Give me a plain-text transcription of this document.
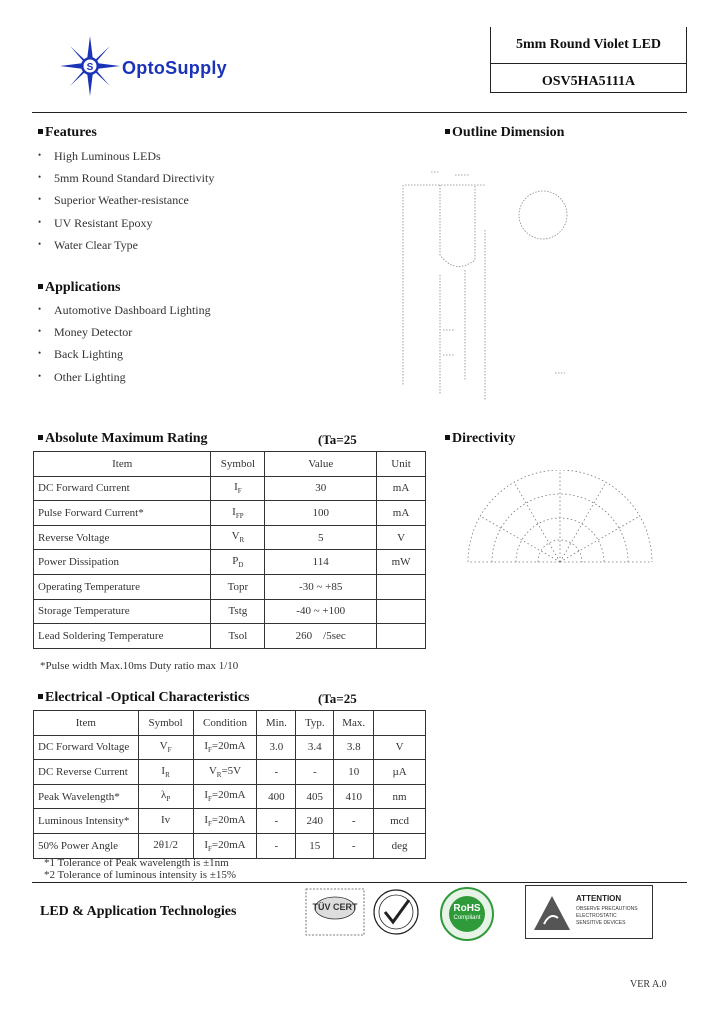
S OptoSupply
5mm Round Violet LED
OSV5HA5111A
Features
• High Luminous LEDs
• 5mm Round Standard Directivity
• Superior Weather-resistance
• UV Resistant Epoxy
• Water Clear Type
Applications
• Automotive Dashboard Lighting
• Money Detector
• Back Lighting
• Other Lighting
Outline Dimension
Absolute Maximum Rating	(Ta=25
Item	Symbol	Value	Unit
DC Forward Current	$I_F$	30	mA
Pulse Forward Current*	$I_{FP}$	100	mA
Reverse Voltage	$V_R$	5	V
Power Dissipation	$P_D$	114	mW
Operating Temperature	Topr	-30 ~ +85	
Storage Temperature	Tstg	-40 ~ +100	
Lead Soldering Temperature	Tsol	260    /5sec	
*Pulse width Max.10ms Duty ratio max 1/10
Directivity
Electrical -Optical Characteristics	(Ta=25
Item	Symbol	Condition	Min.	Typ.	Max.	
DC Forward Voltage	$V_F$	$I_F=20mA$	3.0	3.4	3.8	V
DC Reverse Current	$I_R$	$V_R=5V$	-	-	10	µA
Peak Wavelength*	$\lambda_P$	$I_F=20mA$	400	405	410	nm
Luminous Intensity*	Iv	$I_F=20mA$	-	240	-	mcd
50% Power Angle	2θ1/2	$I_F=20mA$	-	15	-	deg
*1 Tolerance of Peak wavelength is ±1nm
*2 Tolerance of luminous intensity is ±15%
LED & Application Technologies	TÜV CERT	RoHS
Compliant
ATTENTION
OBSERVE PRECAUTIONS
ELECTROSTATIC
SENSITIVE DEVICES
VER A.0
